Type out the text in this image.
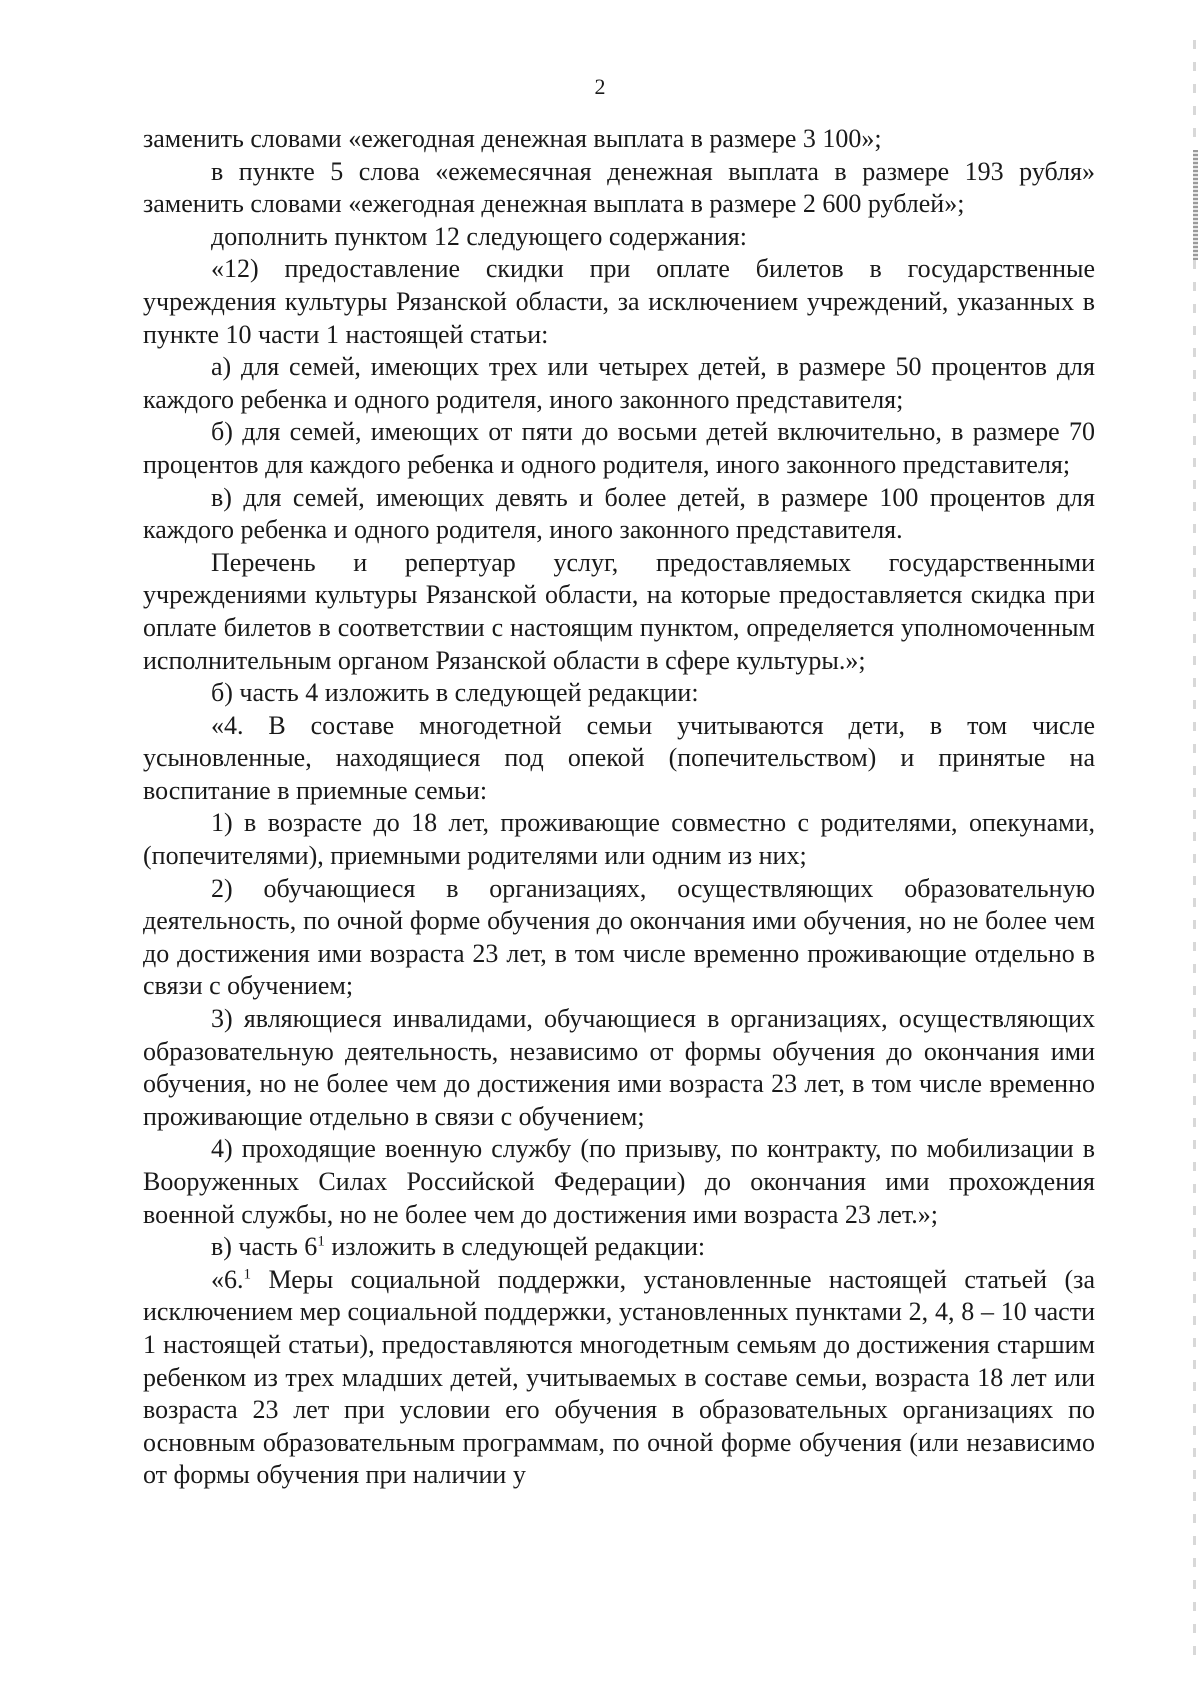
2

заменить словами «ежегодная денежная выплата в размере 3 100»;

в пункте 5 слова «ежемесячная денежная выплата в размере 193 рубля» заменить словами «ежегодная денежная выплата в размере 2 600 рублей»;

дополнить пунктом 12 следующего содержания:

«12) предоставление скидки при оплате билетов в государственные учреждения культуры Рязанской области, за исключением учреждений, указанных в пункте 10 части 1 настоящей статьи:

а) для семей, имеющих трех или четырех детей, в размере 50 процентов для каждого ребенка и одного родителя, иного законного представителя;

б) для семей, имеющих от пяти до восьми детей включительно, в размере 70 процентов для каждого ребенка и одного родителя, иного законного представителя;

в) для семей, имеющих девять и более детей, в размере 100 процентов для каждого ребенка и одного родителя, иного законного представителя.

Перечень и репертуар услуг, предоставляемых государственными учреждениями культуры Рязанской области, на которые предоставляется скидка при оплате билетов в соответствии с настоящим пунктом, определяется уполномоченным исполнительным органом Рязанской области в сфере культуры.»;

б) часть 4 изложить в следующей редакции:

«4. В составе многодетной семьи учитываются дети, в том числе усыновленные, находящиеся под опекой (попечительством) и принятые на воспитание в приемные семьи:

1) в возрасте до 18 лет, проживающие совместно с родителями, опекунами, (попечителями), приемными родителями или одним из них;

2) обучающиеся в организациях, осуществляющих образовательную деятельность, по очной форме обучения до окончания ими обучения, но не более чем до достижения ими возраста 23 лет, в том числе временно проживающие отдельно в связи с обучением;

3) являющиеся инвалидами, обучающиеся в организациях, осуществляющих образовательную деятельность, независимо от формы обучения до окончания ими обучения, но не более чем до достижения ими возраста 23 лет, в том числе временно проживающие отдельно в связи с обучением;

4) проходящие военную службу (по призыву, по контракту, по мобилизации в Вооруженных Силах Российской Федерации) до окончания ими прохождения военной службы, но не более чем до достижения ими возраста 23 лет.»;

в) часть $6^1$ изложить в следующей редакции:

«6.$^1$ Меры социальной поддержки, установленные настоящей статьей (за исключением мер социальной поддержки, установленных пунктами 2, 4, 8 – 10 части 1 настоящей статьи), предоставляются многодетным семьям до достижения старшим ребенком из трех младших детей, учитываемых в составе семьи, возраста 18 лет или возраста 23 лет при условии его обучения в образовательных организациях по основным образовательным программам, по очной форме обучения (или независимо от формы обучения при наличии у
